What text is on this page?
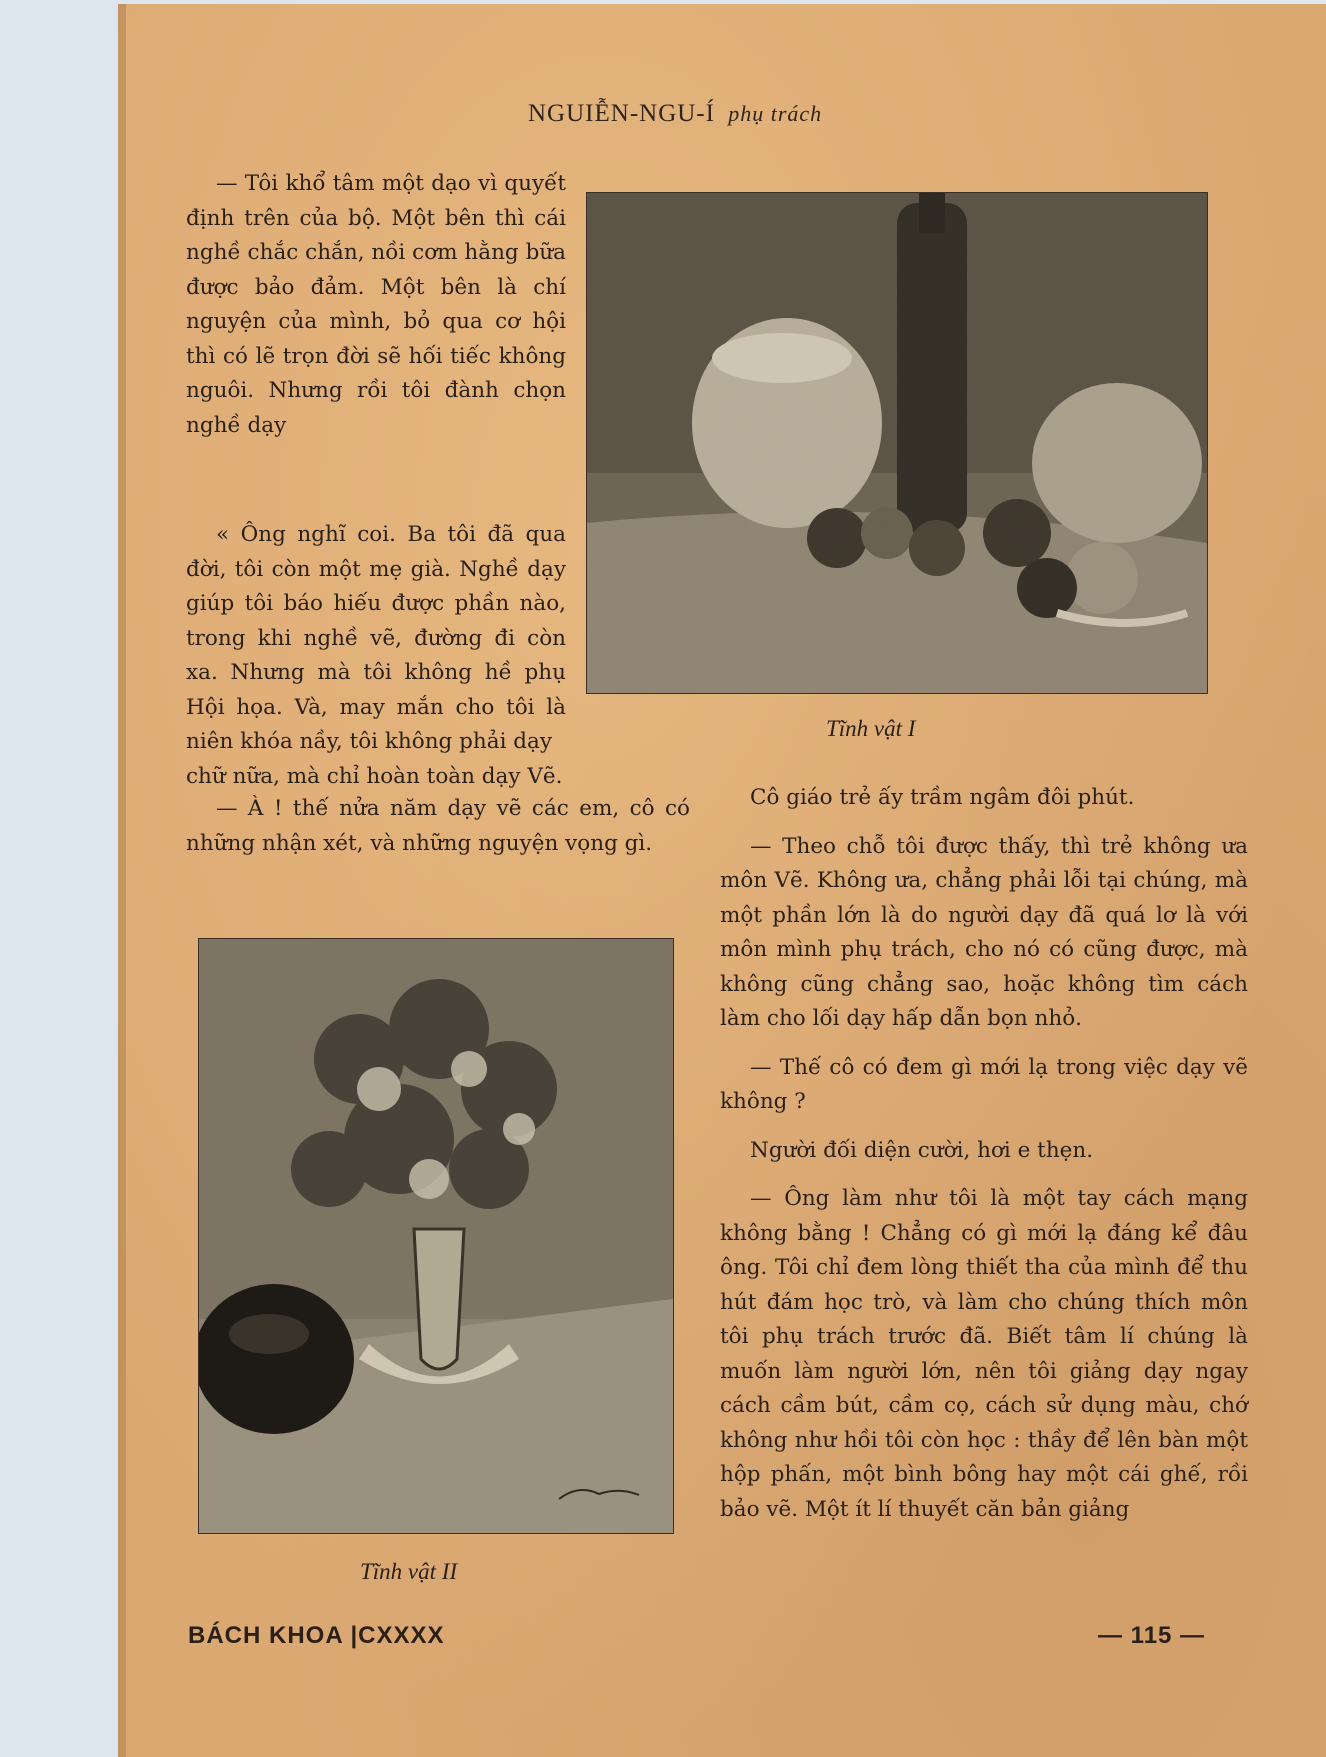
NGUIỄN-NGU-Í phụ trách

— Tôi khổ tâm một dạo vì quyết định trên của bộ. Một bên thì cái nghề chắc chắn, nồi cơm hằng bữa được bảo đảm. Một bên là chí nguyện của mình, bỏ qua cơ hội thì có lẽ trọn đời sẽ hối tiếc không nguôi. Nhưng rồi tôi đành chọn nghề dạy

« Ông nghĩ coi. Ba tôi đã qua đời, tôi còn một mẹ già. Nghề dạy giúp tôi báo hiếu được phần nào, trong khi nghề vẽ, đường đi còn xa. Nhưng mà tôi không hề phụ Hội họa. Và, may mắn cho tôi là niên khóa nầy, tôi không phải dạy

chữ nữa, mà chỉ hoàn toàn dạy Vẽ.

— À ! thế nửa năm dạy vẽ các em, cô có những nhận xét, và những nguyện vọng gì.

Tĩnh vật I
Tĩnh vật II

Cô giáo trẻ ấy trầm ngâm đôi phút.

— Theo chỗ tôi được thấy, thì trẻ không ưa môn Vẽ. Không ưa, chẳng phải lỗi tại chúng, mà một phần lớn là do người dạy đã quá lơ là với môn mình phụ trách, cho nó có cũng được, mà không cũng chẳng sao, hoặc không tìm cách làm cho lối dạy hấp dẫn bọn nhỏ.

— Thế cô có đem gì mới lạ trong việc dạy vẽ không ?

Người đối diện cười, hơi e thẹn.

— Ông làm như tôi là một tay cách mạng không bằng ! Chẳng có gì mới lạ đáng kể đâu ông. Tôi chỉ đem lòng thiết tha của mình để thu hút đám học trò, và làm cho chúng thích môn tôi phụ trách trước đã. Biết tâm lí chúng là muốn làm người lớn, nên tôi giảng dạy ngay cách cầm bút, cầm cọ, cách sử dụng màu, chớ không như hồi tôi còn học : thầy để lên bàn một hộp phấn, một bình bông hay một cái ghế, rồi bảo vẽ. Một ít lí thuyết căn bản giảng

BÁCH KHOA |CXXXX	— 115 —
